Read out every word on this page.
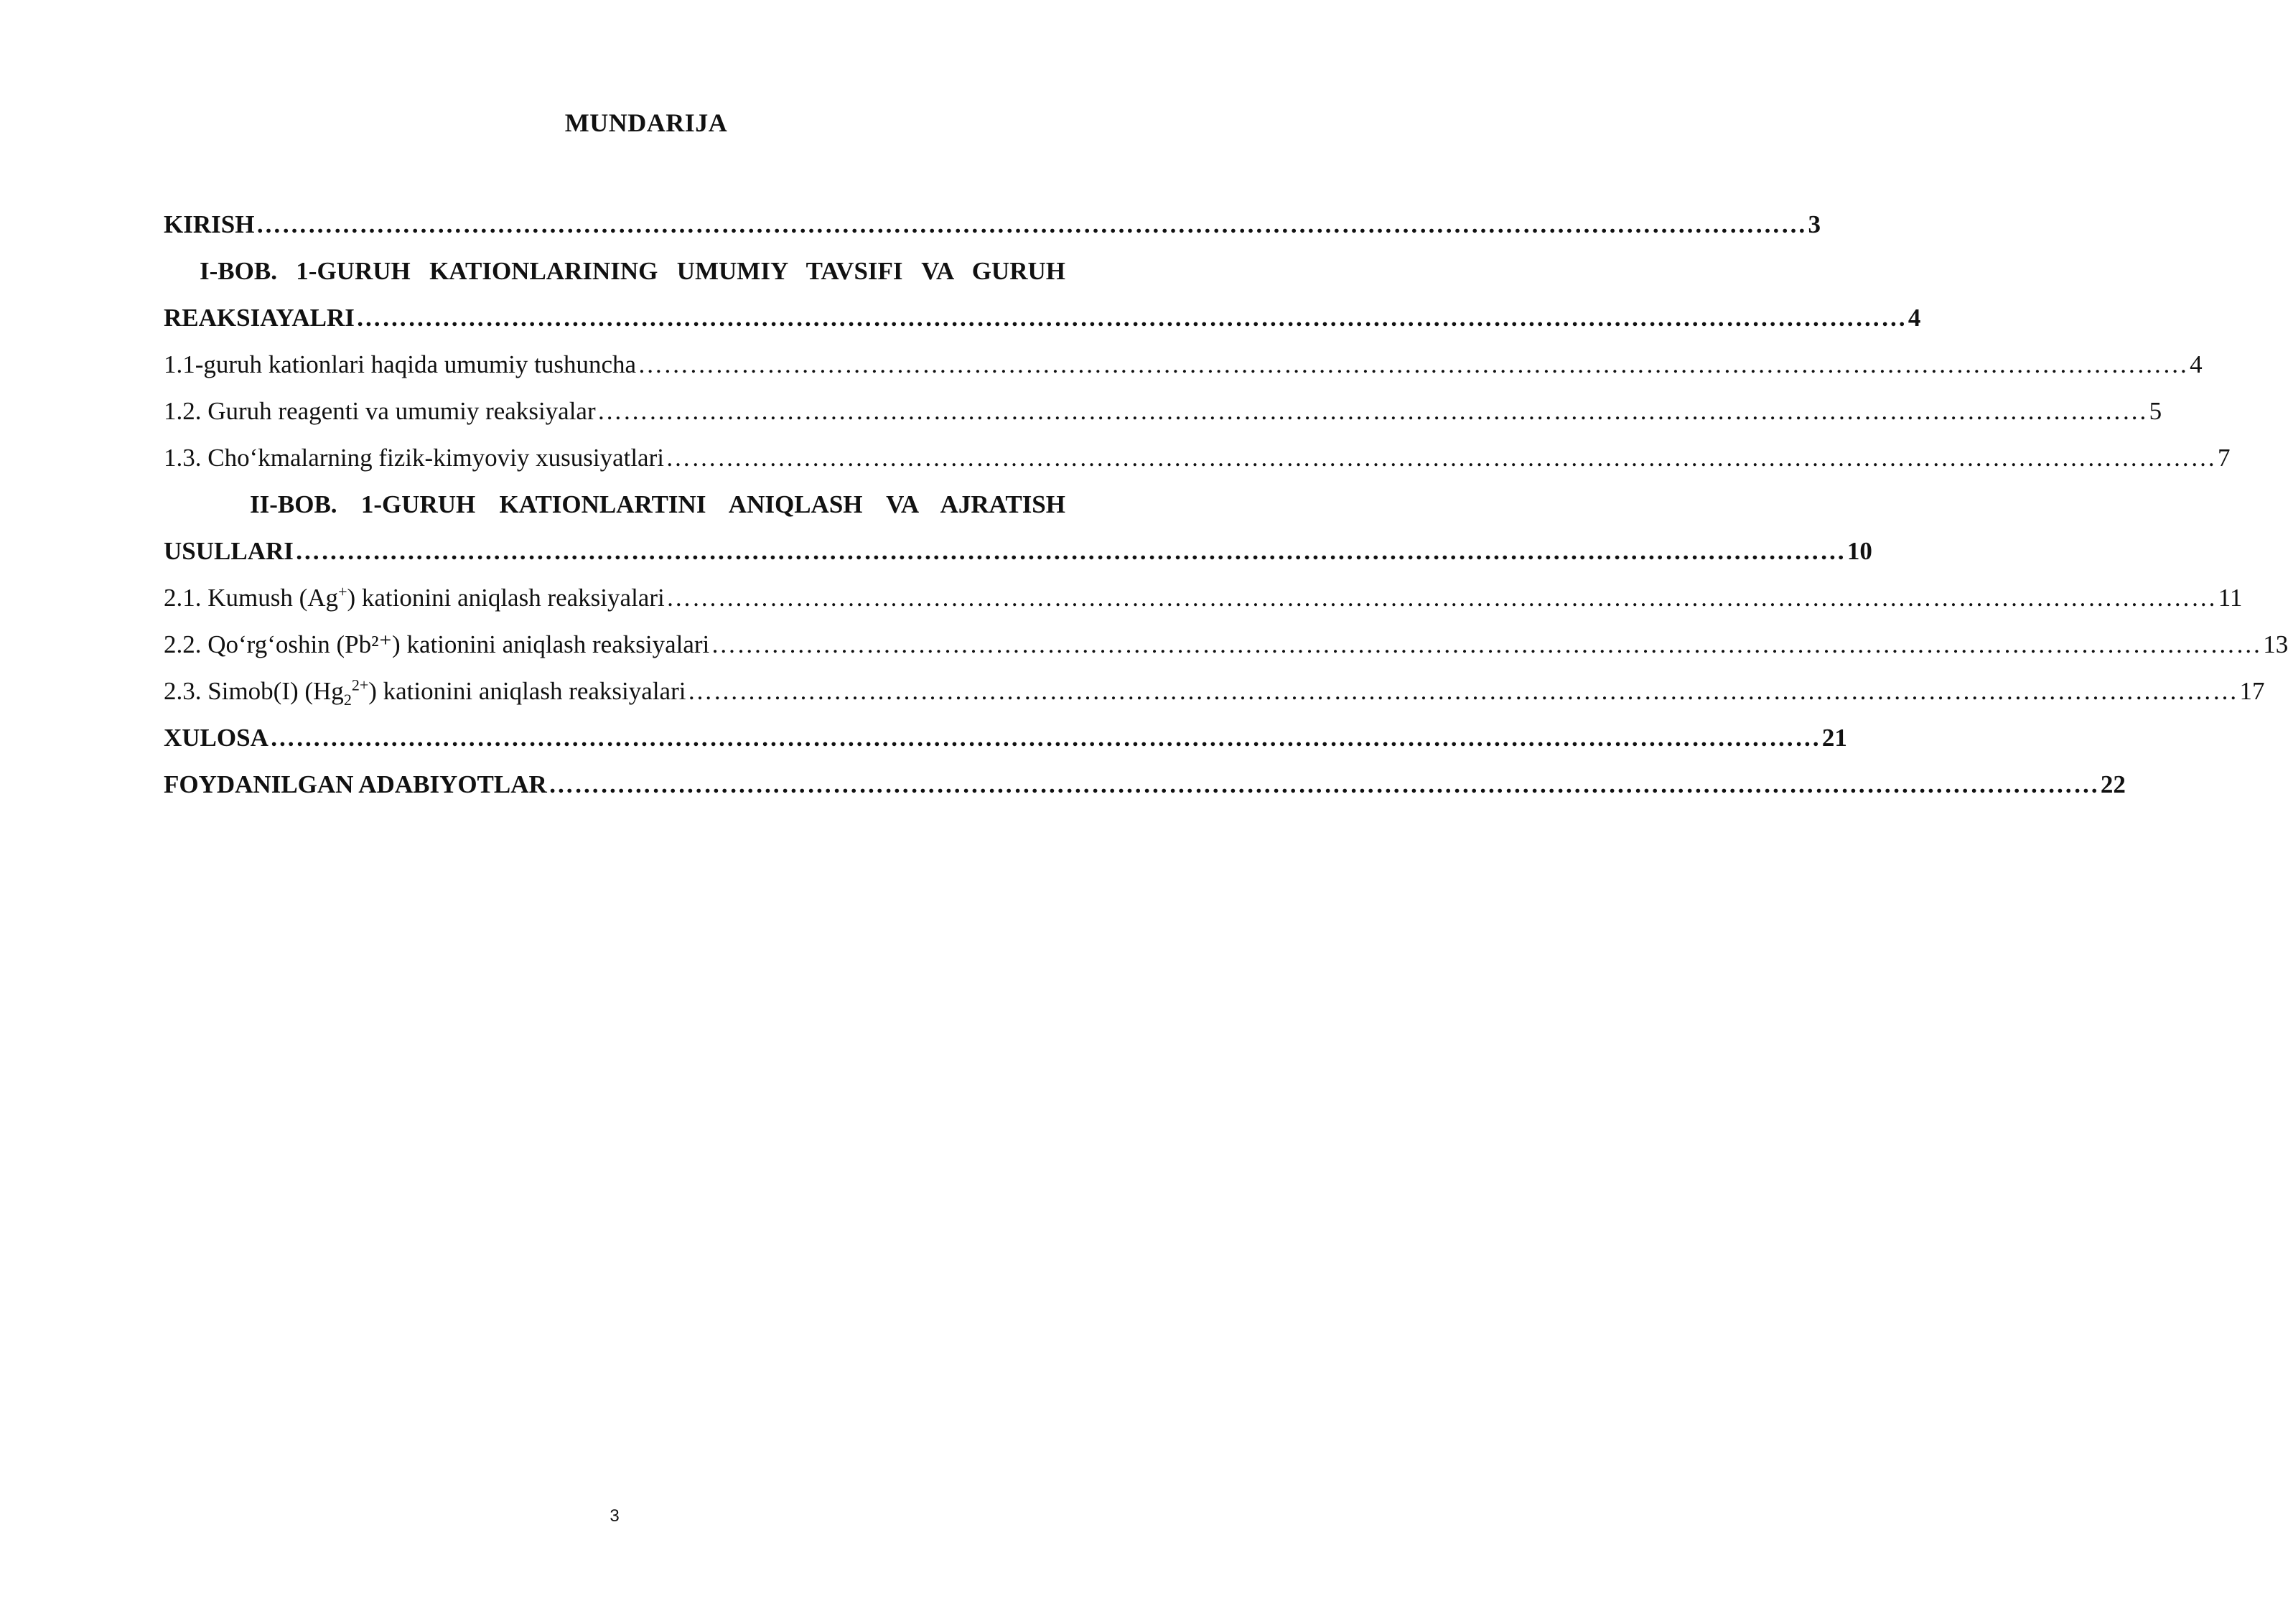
MUNDARIJA
KIRISH ……………………………………………………………………………………………………………………………………………………………… 3
I-BOB. 1-GURUH KATIONLARINING UMUMIY TAVSIFI VA GURUH
REAKSIAYALRI ……………………………………………………………………………………………………………………………………………………………… 4
1.1-guruh kationlari haqida umumiy tushuncha ……………………………………………………………………………………………………………………………………………………………… 4
1.2. Guruh reagenti va umumiy reaksiyalar ……………………………………………………………………………………………………………………………………………………………… 5
1.3. Cho‘kmalarning fizik-kimyoviy xususiyatlari ……………………………………………………………………………………………………………………………………………………………… 7
II-BOB. 1-GURUH KATIONLARTINI ANIQLASH VA AJRATISH
USULLARI ……………………………………………………………………………………………………………………………………………………………… 10
2.1. Kumush (Ag+) kationini aniqlash reaksiyalari ……………………………………………………………………………………………………………………………………………………………… 11
2.2. Qo‘rg‘oshin (Pb²⁺) kationini aniqlash reaksiyalari ……………………………………………………………………………………………………………………………………………………………… 13
2.3. Simob(I) $(Hg_2^{2+})$ kationini aniqlash reaksiyalari ……………………………………………………………………………………………………………………………………………………………… 17
XULOSA ……………………………………………………………………………………………………………………………………………………………… 21
FOYDANILGAN ADABIYOTLAR ……………………………………………………………………………………………………………………………………………………………… 22
3
